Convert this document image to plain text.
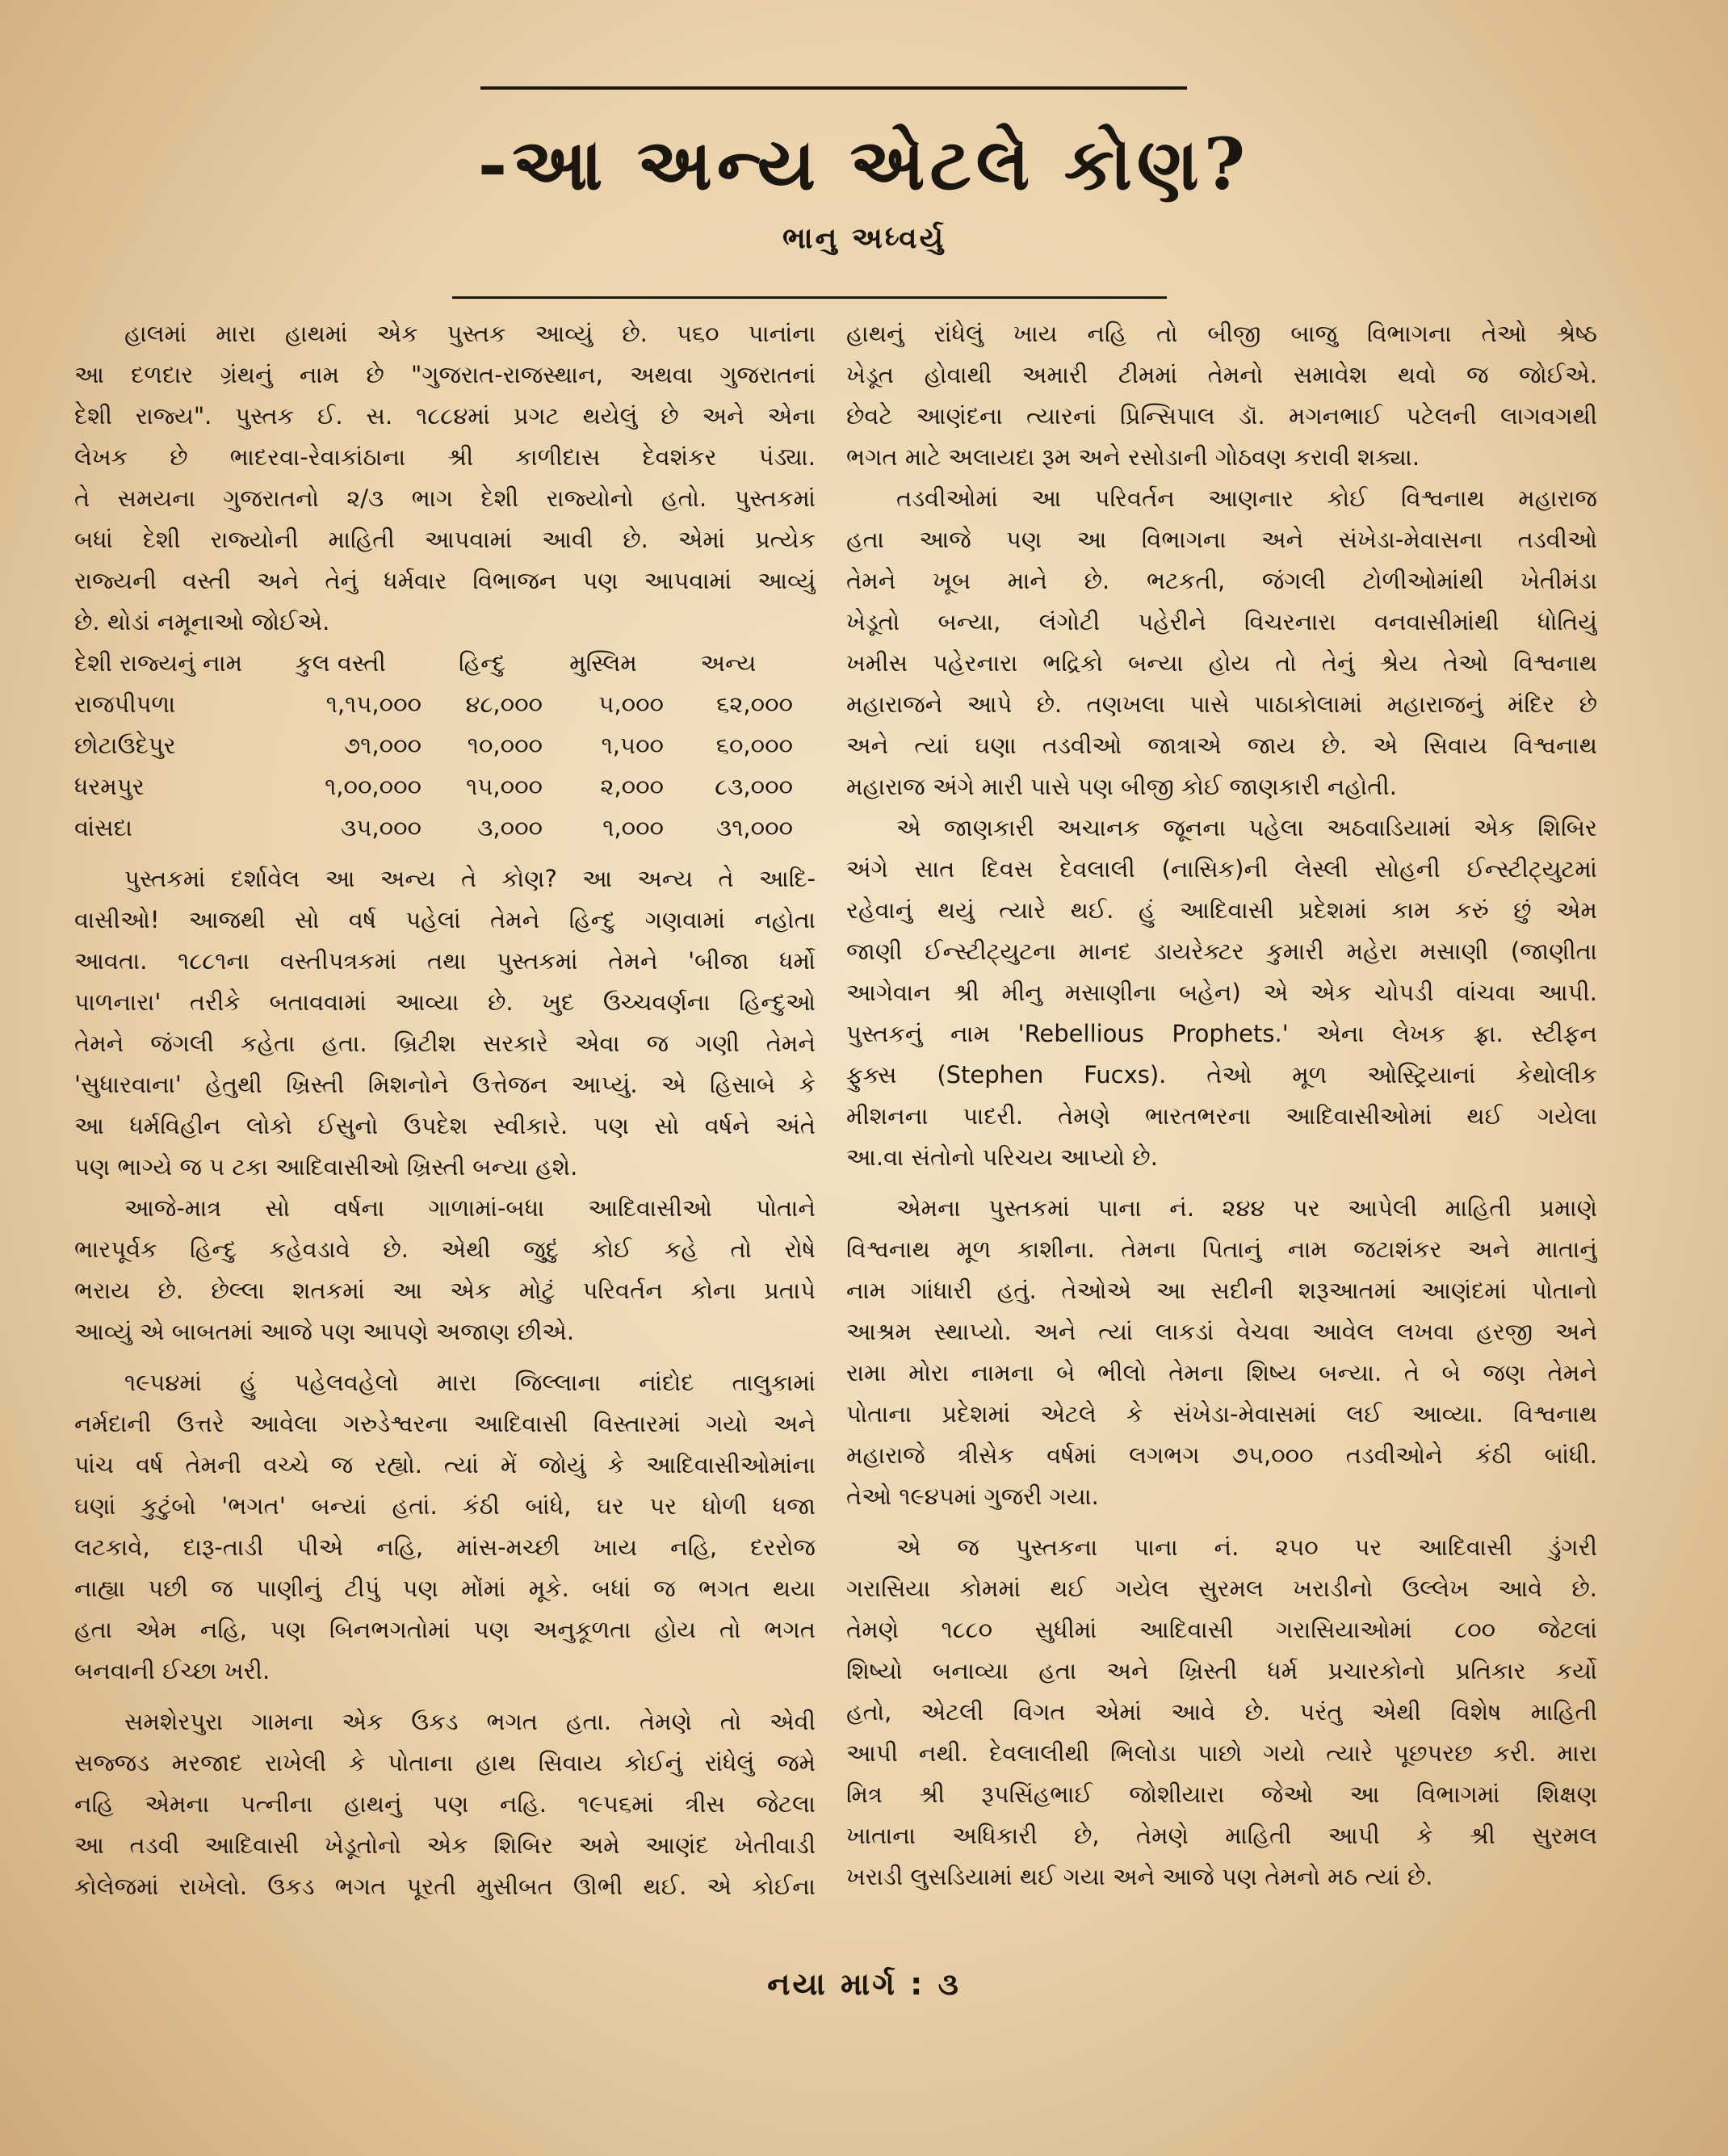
-આ અન્ય એટલે કોણ?
ભાનુ અધ્વર્યુ
હાલમાં મારા હાથમાં એક પુસ્તક આવ્યું છે. ૫૬૦ પાનાંના
આ દળદાર ગ્રંથનું નામ છે "ગુજરાત-રાજસ્થાન, અથવા ગુજરાતનાં
દેશી રાજ્ય". પુસ્તક ઈ. સ. ૧૮૮૪માં પ્રગટ થયેલું છે અને એના
લેખક છે ભાદરવા-રેવાકાંઠાના શ્રી કાળીદાસ દેવશંકર પંડ્યા.
તે સમયના ગુજરાતનો ૨/૩ ભાગ દેશી રાજ્યોનો હતો. પુસ્તકમાં
બધાં દેશી રાજ્યોની માહિતી આપવામાં આવી છે. એમાં પ્રત્યેક
રાજ્યની વસ્તી અને તેનું ધર્મવાર વિભાજન પણ આપવામાં આવ્યું
છે. થોડાં નમૂનાઓ જોઈએ.
દેશી રાજ્યનું નામ	કુલ વસ્તી	હિન્દુ	મુસ્લિમ	અન્ય
રાજપીપળા	૧,૧૫,૦૦૦	૪૮,૦૦૦	૫,૦૦૦	૬૨,૦૦૦
છોટાઉદેપુર	૭૧,૦૦૦	૧૦,૦૦૦	૧,૫૦૦	૬૦,૦૦૦
ધરમપુર	૧,૦૦,૦૦૦	૧૫,૦૦૦	૨,૦૦૦	૮૩,૦૦૦
વાંસદા	૩૫,૦૦૦	૩,૦૦૦	૧,૦૦૦	૩૧,૦૦૦
પુસ્તકમાં દર્શાવેલ આ અન્ય તે કોણ? આ અન્ય તે આદિ-
વાસીઓ! આજથી સો વર્ષ પહેલાં તેમને હિન્દુ ગણવામાં નહોતા
આવતા. ૧૮૮૧ના વસ્તીપત્રકમાં તથા પુસ્તકમાં તેમને 'બીજા ધર્મો
પાળનારા' તરીકે બતાવવામાં આવ્યા છે. ખુદ ઉચ્ચવર્ણના હિન્દુઓ
તેમને જંગલી કહેતા હતા. બ્રિટીશ સરકારે એવા જ ગણી તેમને
'સુધારવાના' હેતુથી ખ્રિસ્તી મિશનોને ઉત્તેજન આપ્યું. એ હિસાબે કે
આ ધર્મવિહીન લોકો ઈસુનો ઉપદેશ સ્વીકારે. પણ સો વર્ષને અંતે
પણ ભાગ્યે જ ૫ ટકા આદિવાસીઓ ખ્રિસ્તી બન્યા હશે.
આજે-માત્ર સો વર્ષના ગાળામાં-બધા આદિવાસીઓ પોતાને
ભારપૂર્વક હિન્દુ કહેવડાવે છે. એથી જુદું કોઈ કહે તો રોષે
ભરાય છે. છેલ્લા શતકમાં આ એક મોટું પરિવર્તન કોના પ્રતાપે
આવ્યું એ બાબતમાં આજે પણ આપણે અજાણ છીએ.
૧૯૫૪માં હું પહેલવહેલો મારા જિલ્લાના નાંદોદ તાલુકામાં
નર્મદાની ઉત્તરે આવેલા ગરુડેશ્વરના આદિવાસી વિસ્તારમાં ગયો અને
પાંચ વર્ષ તેમની વચ્ચે જ રહ્યો. ત્યાં મેં જોયું કે આદિવાસીઓમાંના
ઘણાં કુટુંબો 'ભગત' બન્યાં હતાં. કંઠી બાંધે, ઘર પર ધોળી ધજા
લટકાવે, દારૂ-તાડી પીએ નહિ, માંસ-મચ્છી ખાય નહિ, દરરોજ
નાહ્યા પછી જ પાણીનું ટીપું પણ મોંમાં મૂકે. બધાં જ ભગત થયા
હતા એમ નહિ, પણ બિનભગતોમાં પણ અનુકૂળતા હોય તો ભગત
બનવાની ઈચ્છા ખરી.
સમશેરપુરા ગામના એક ઉકડ ભગત હતા. તેમણે તો એવી
સજ્જડ મરજાદ રાખેલી કે પોતાના હાથ સિવાય કોઈનું રાંધેલું જમે
નહિ એમના પત્નીના હાથનું પણ નહિ. ૧૯૫૬માં ત્રીસ જેટલા
આ તડવી આદિવાસી ખેડૂતોનો એક શિબિર અમે આણંદ ખેતીવાડી
કોલેજમાં રાખેલો. ઉકડ ભગત પૂરતી મુસીબત ઊભી થઈ. એ કોઈના
હાથનું રાંધેલું ખાય નહિ તો બીજી બાજુ વિભાગના તેઓ શ્રેષ્ઠ
ખેડૂત હોવાથી અમારી ટીમમાં તેમનો સમાવેશ થવો જ જોઈએ.
છેવટે આણંદના ત્યારનાં પ્રિન્સિપાલ ડૉ. મગનભાઈ પટેલની લાગવગથી
ભગત માટે અલાયદા રૂમ અને રસોડાની ગોઠવણ કરાવી શક્યા.
તડવીઓમાં આ પરિવર્તન આણનાર કોઈ વિશ્વનાથ મહારાજ
હતા આજે પણ આ વિભાગના અને સંખેડા-મેવાસના તડવીઓ
તેમને ખૂબ માને છે. ભટકતી, જંગલી ટોળીઓમાંથી ખેતીમંડા
ખેડૂતો બન્યા, લંગોટી પહેરીને વિચરનારા વનવાસીમાંથી ધોતિયું
ખમીસ પહેરનારા ભદ્રિકો બન્યા હોય તો તેનું શ્રેય તેઓ વિશ્વનાથ
મહારાજને આપે છે. તણખલા પાસે પાઠાકોલામાં મહારાજનું મંદિર છે
અને ત્યાં ઘણા તડવીઓ જાત્રાએ જાય છે. એ સિવાય વિશ્વનાથ
મહારાજ અંગે મારી પાસે પણ બીજી કોઈ જાણકારી નહોતી.
એ જાણકારી અચાનક જૂનના પહેલા અઠવાડિયામાં એક શિબિર
અંગે સાત દિવસ દેવલાલી (નાસિક)ની લેસ્લી સોહની ઈન્સ્ટીટ્યુટમાં
રહેવાનું થયું ત્યારે થઈ. હું આદિવાસી પ્રદેશમાં કામ કરું છું એમ
જાણી ઈન્સ્ટીટ્યુટના માનદ ડાયરેક્ટર કુમારી મહેરા મસાણી (જાણીતા
આગેવાન શ્રી મીનુ મસાણીના બહેન) એ એક ચોપડી વાંચવા આપી.
પુસ્તકનું નામ 'Rebellious Prophets.' એના લેખક ફ્રા. સ્ટીફન
ફુક્સ (Stephen Fucxs). તેઓ મૂળ ઓસ્ટ્રિયાનાં કેથોલીક
મીશનના પાદરી. તેમણે ભારતભરના આદિવાસીઓમાં થઈ ગયેલા
આ.વા સંતોનો પરિચય આપ્યો છે.
એમના પુસ્તકમાં પાના નં. ૨૪૪ પર આપેલી માહિતી પ્રમાણે
વિશ્વનાથ મૂળ કાશીના. તેમના પિતાનું નામ જટાશંકર અને માતાનું
નામ ગાંધારી હતું. તેઓએ આ સદીની શરૂઆતમાં આણંદમાં પોતાનો
આશ્રમ સ્થાપ્યો. અને ત્યાં લાકડાં વેચવા આવેલ લખવા હરજી અને
રામા મોરા નામના બે ભીલો તેમના શિષ્ય બન્યા. તે બે જણ તેમને
પોતાના પ્રદેશમાં એટલે કે સંખેડા-મેવાસમાં લઈ આવ્યા. વિશ્વનાથ
મહારાજે ત્રીસેક વર્ષમાં લગભગ ૭૫,૦૦૦ તડવીઓને કંઠી બાંધી.
તેઓ ૧૯૪૫માં ગુજરી ગયા.
એ જ પુસ્તકના પાના નં. ૨૫૦ પર આદિવાસી ડુંગરી
ગરાસિયા કોમમાં થઈ ગયેલ સુરમલ ખરાડીનો ઉલ્લેખ આવે છે.
તેમણે ૧૮૮૦ સુધીમાં આદિવાસી ગરાસિયાઓમાં ૮૦૦ જેટલાં
શિષ્યો બનાવ્યા હતા અને ખ્રિસ્તી ધર્મ પ્રચારકોનો પ્રતિકાર કર્યો
હતો, એટલી વિગત એમાં આવે છે. પરંતુ એથી વિશેષ માહિતી
આપી નથી. દેવલાલીથી ભિલોડા પાછો ગયો ત્યારે પૂછપરછ કરી. મારા
મિત્ર શ્રી રૂપસિંહભાઈ જોશીયારા જેઓ આ વિભાગમાં શિક્ષણ
ખાતાના અધિકારી છે, તેમણે માહિતી આપી કે શ્રી સુરમલ
ખરાડી લુસડિયામાં થઈ ગયા અને આજે પણ તેમનો મઠ ત્યાં છે.
નયા માર્ગ : ૩
